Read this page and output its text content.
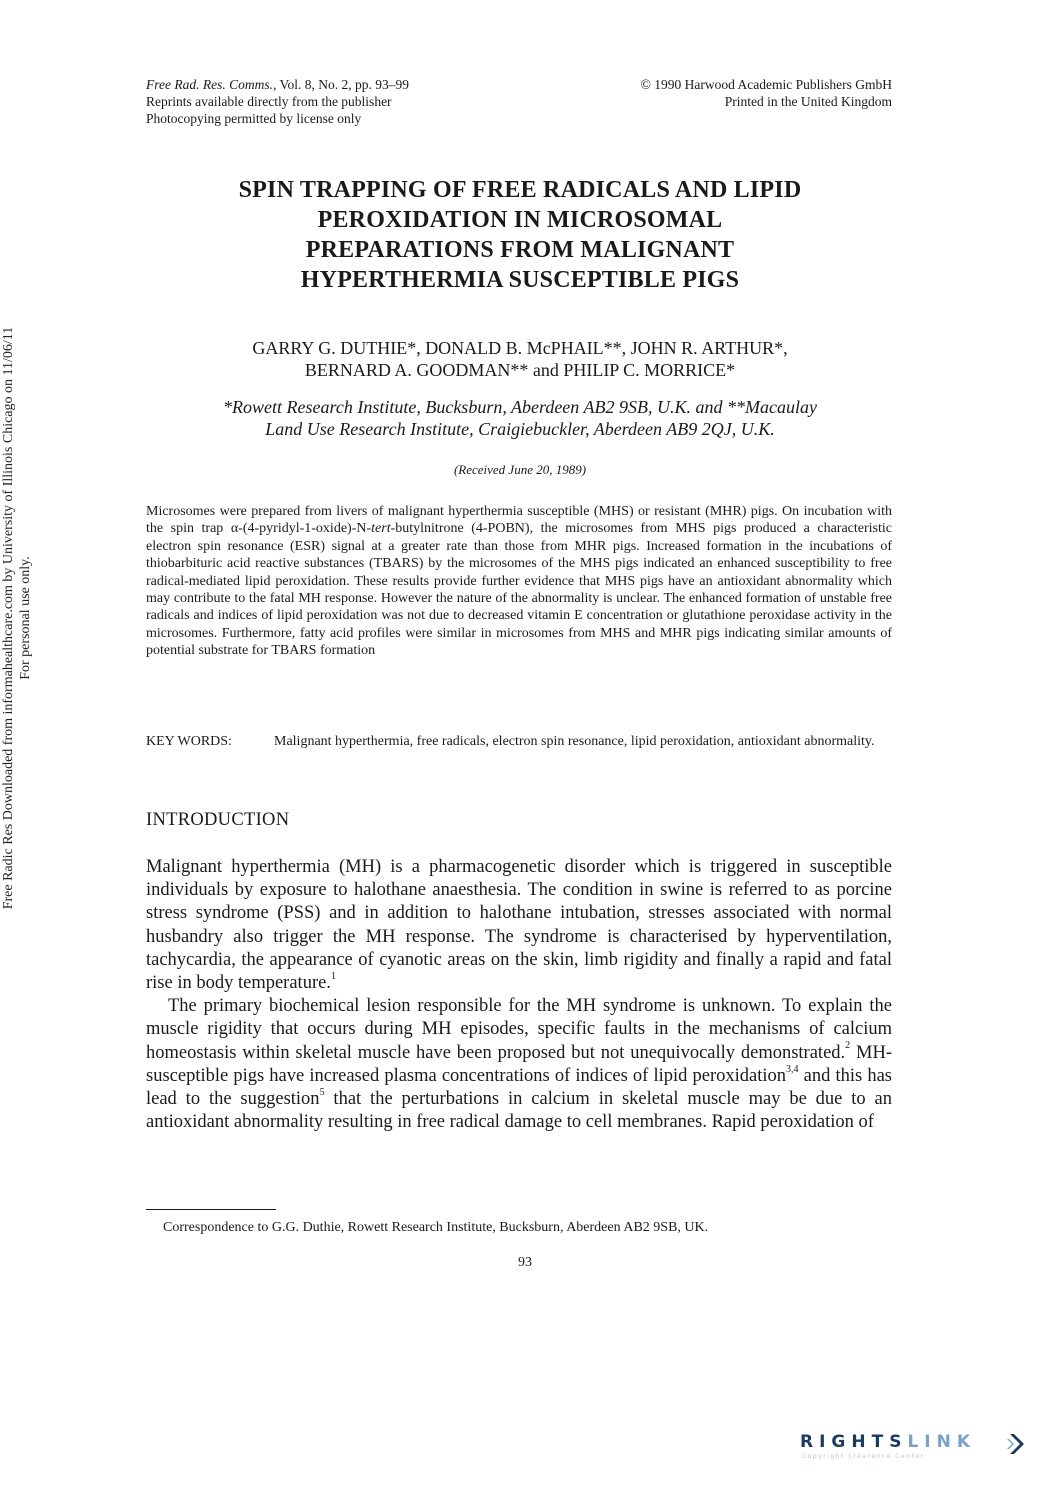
Free Rad. Res. Comms., Vol. 8, No. 2, pp. 93–99
Reprints available directly from the publisher
Photocopying permitted by license only
© 1990 Harwood Academic Publishers GmbH
Printed in the United Kingdom
SPIN TRAPPING OF FREE RADICALS AND LIPID
PEROXIDATION IN MICROSOMAL
PREPARATIONS FROM MALIGNANT
HYPERTHERMIA SUSCEPTIBLE PIGS
GARRY G. DUTHIE*, DONALD B. McPHAIL**, JOHN R. ARTHUR*,
BERNARD A. GOODMAN** and PHILIP C. MORRICE*
*Rowett Research Institute, Bucksburn, Aberdeen AB2 9SB, U.K. and **Macaulay
Land Use Research Institute, Craigiebuckler, Aberdeen AB9 2QJ, U.K.
(Received June 20, 1989)
Microsomes were prepared from livers of malignant hyperthermia susceptible (MHS) or resistant (MHR) pigs. On incubation with the spin trap α-(4-pyridyl-1-oxide)-N-tert-butylnitrone (4-POBN), the microsomes from MHS pigs produced a characteristic electron spin resonance (ESR) signal at a greater rate than those from MHR pigs. Increased formation in the incubations of thiobarbituric acid reactive substances (TBARS) by the microsomes of the MHS pigs indicated an enhanced susceptibility to free radical-mediated lipid peroxidation. These results provide further evidence that MHS pigs have an antioxidant abnormality which may contribute to the fatal MH response. However the nature of the abnormality is unclear. The enhanced formation of unstable free radicals and indices of lipid peroxidation was not due to decreased vitamin E concentration or glutathione peroxidase activity in the microsomes. Furthermore, fatty acid profiles were similar in microsomes from MHS and MHR pigs indicating similar amounts of potential substrate for TBARS formation
KEY WORDS:	Malignant hyperthermia, free radicals, electron spin resonance, lipid peroxidation, antioxidant abnormality.
INTRODUCTION

Malignant hyperthermia (MH) is a pharmacogenetic disorder which is triggered in susceptible individuals by exposure to halothane anaesthesia. The condition in swine is referred to as porcine stress syndrome (PSS) and in addition to halothane intubation, stresses associated with normal husbandry also trigger the MH response. The syndrome is characterised by hyperventilation, tachycardia, the appearance of cyanotic areas on the skin, limb rigidity and finally a rapid and fatal rise in body temperature.$^1$

The primary biochemical lesion responsible for the MH syndrome is unknown. To explain the muscle rigidity that occurs during MH episodes, specific faults in the mechanisms of calcium homeostasis within skeletal muscle have been proposed but not unequivocally demonstrated.$^2$ MH-susceptible pigs have increased plasma concentrations of indices of lipid peroxidation$^{3,4}$ and this has lead to the suggestion$^5$ that the perturbations in calcium in skeletal muscle may be due to an antioxidant abnormality resulting in free radical damage to cell membranes. Rapid peroxidation of

Correspondence to G.G. Duthie, Rowett Research Institute, Bucksburn, Aberdeen AB2 9SB, UK.
93
Free Radic Res Downloaded from informahealthcare.com by University of Illinois Chicago on 11/06/11 For personal use only.
RIGHTSLINK
Copyright Clearance Center
